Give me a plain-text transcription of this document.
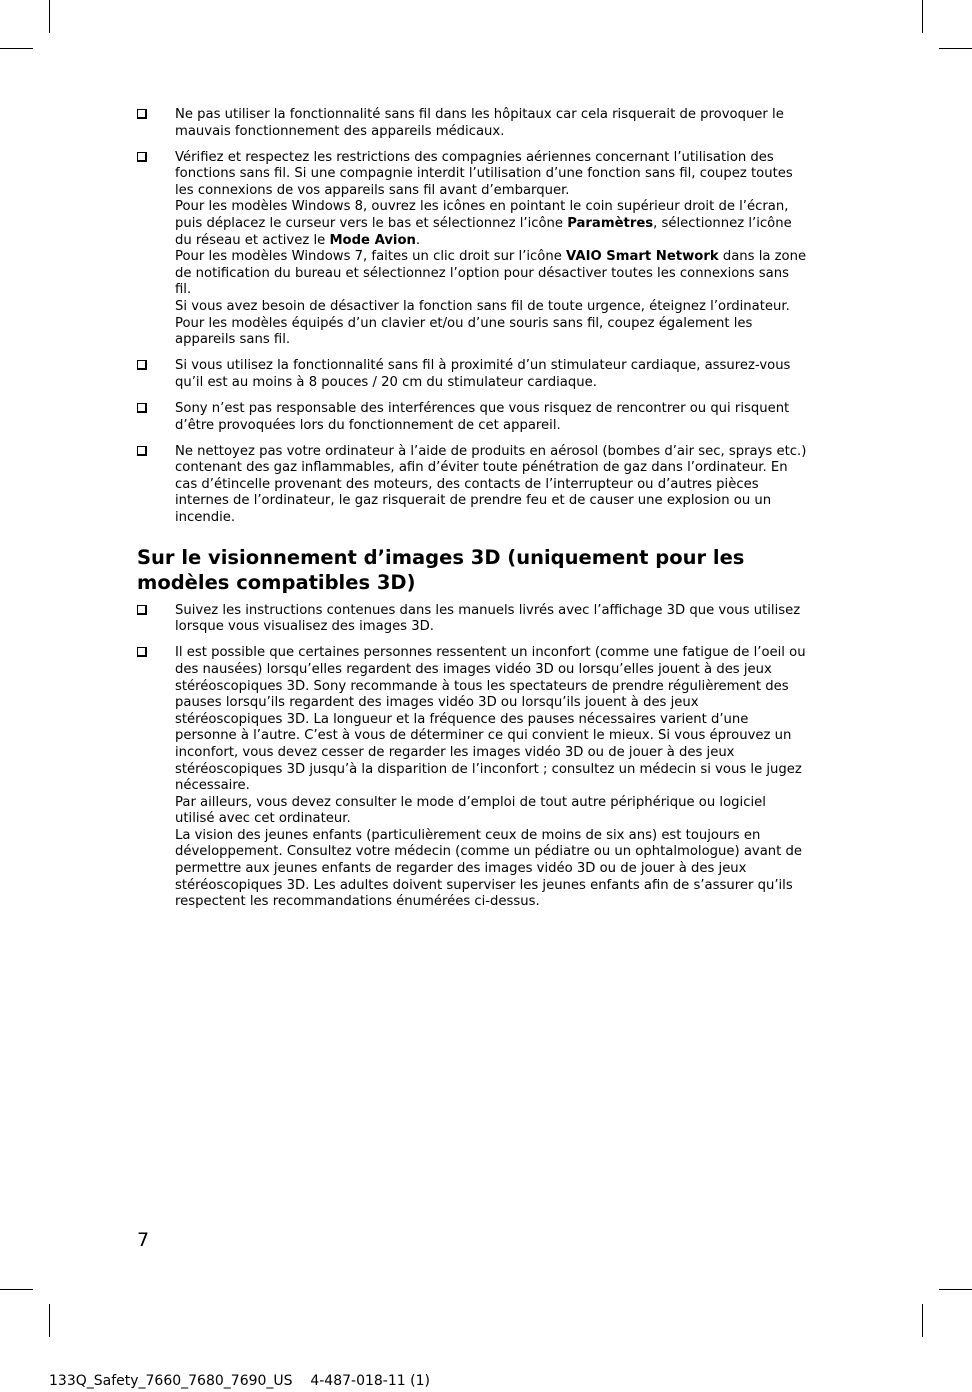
Ne pas utiliser la fonctionnalité sans fil dans les hôpitaux car cela risquerait de provoquer le mauvais fonctionnement des appareils médicaux.
Vérifiez et respectez les restrictions des compagnies aériennes concernant l’utilisation des fonctions sans fil. Si une compagnie interdit l’utilisation d’une fonction sans fil, coupez toutes les connexions de vos appareils sans fil avant d’embarquer.
Pour les modèles Windows 8, ouvrez les icônes en pointant le coin supérieur droit de l’écran, puis déplacez le curseur vers le bas et sélectionnez l’icône Paramètres, sélectionnez l’icône du réseau et activez le Mode Avion.
Pour les modèles Windows 7, faites un clic droit sur l’icône VAIO Smart Network dans la zone de notification du bureau et sélectionnez l’option pour désactiver toutes les connexions sans fil.
Si vous avez besoin de désactiver la fonction sans fil de toute urgence, éteignez l’ordinateur. Pour les modèles équipés d’un clavier et/ou d’une souris sans fil, coupez également les appareils sans fil.
Si vous utilisez la fonctionnalité sans fil à proximité d’un stimulateur cardiaque, assurez-vous qu’il est au moins à 8 pouces / 20 cm du stimulateur cardiaque.
Sony n’est pas responsable des interférences que vous risquez de rencontrer ou qui risquent d’être provoquées lors du fonctionnement de cet appareil.
Ne nettoyez pas votre ordinateur à l’aide de produits en aérosol (bombes d’air sec, sprays etc.) contenant des gaz inflammables, afin d’éviter toute pénétration de gaz dans l’ordinateur. En cas d’étincelle provenant des moteurs, des contacts de l’interrupteur ou d’autres pièces internes de l’ordinateur, le gaz risquerait de prendre feu et de causer une explosion ou un incendie.
Sur le visionnement d’images 3D (uniquement pour les modèles compatibles 3D)
Suivez les instructions contenues dans les manuels livrés avec l’affichage 3D que vous utilisez lorsque vous visualisez des images 3D.
Il est possible que certaines personnes ressentent un inconfort (comme une fatigue de l’oeil ou des nausées) lorsqu’elles regardent des images vidéo 3D ou lorsqu’elles jouent à des jeux stéréoscopiques 3D. Sony recommande à tous les spectateurs de prendre régulièrement des pauses lorsqu’ils regardent des images vidéo 3D ou lorsqu’ils jouent à des jeux stéréoscopiques 3D. La longueur et la fréquence des pauses nécessaires varient d’une personne à l’autre. C’est à vous de déterminer ce qui convient le mieux. Si vous éprouvez un inconfort, vous devez cesser de regarder les images vidéo 3D ou de jouer à des jeux stéréoscopiques 3D jusqu’à la disparition de l’inconfort ; consultez un médecin si vous le jugez nécessaire.
Par ailleurs, vous devez consulter le mode d’emploi de tout autre périphérique ou logiciel utilisé avec cet ordinateur.
La vision des jeunes enfants (particulièrement ceux de moins de six ans) est toujours en développement. Consultez votre médecin (comme un pédiatre ou un ophtalmologue) avant de permettre aux jeunes enfants de regarder des images vidéo 3D ou de jouer à des jeux stéréoscopiques 3D. Les adultes doivent superviser les jeunes enfants afin de s’assurer qu’ils respectent les recommandations énumérées ci-dessus.
7
133Q_Safety_7660_7680_7690_US    4-487-018-11 (1)
